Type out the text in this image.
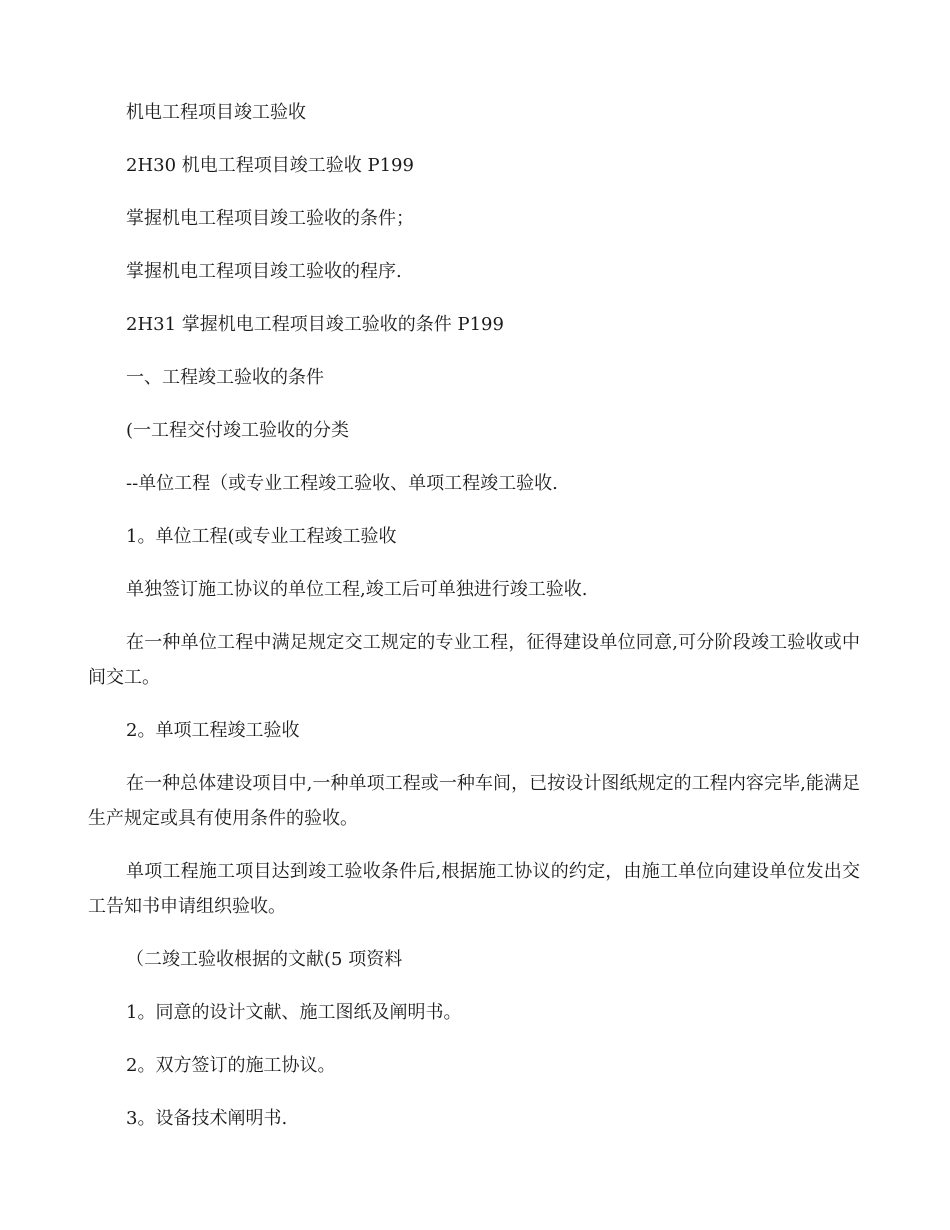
机电工程项目竣工验收

2H30 机电工程项目竣工验收 P199

掌握机电工程项目竣工验收的条件；

掌握机电工程项目竣工验收的程序.

2H31 掌握机电工程项目竣工验收的条件 P199

一、工程竣工验收的条件

(一工程交付竣工验收的分类

--单位工程（或专业工程竣工验收、单项工程竣工验收.

1。单位工程(或专业工程竣工验收

单独签订施工协议的单位工程,竣工后可单独进行竣工验收.

在一种单位工程中满足规定交工规定的专业工程，征得建设单位同意,可分阶段竣工验收或中间交工。

2。单项工程竣工验收

在一种总体建设项目中,一种单项工程或一种车间，已按设计图纸规定的工程内容完毕,能满足生产规定或具有使用条件的验收。

单项工程施工项目达到竣工验收条件后,根据施工协议的约定，由施工单位向建设单位发出交工告知书申请组织验收。

（二竣工验收根据的文献(5 项资料

1。同意的设计文献、施工图纸及阐明书。

2。双方签订的施工协议。

3。设备技术阐明书.
